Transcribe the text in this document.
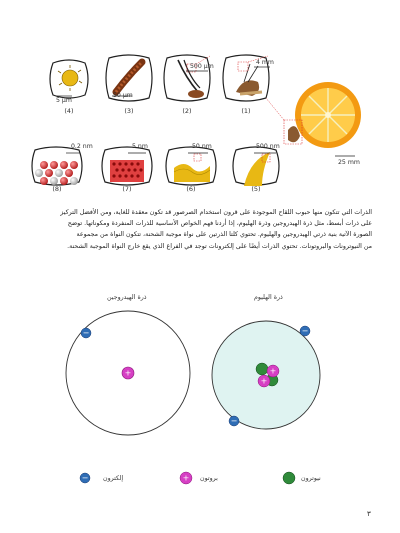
4 mm
500 μm
50 μm
5 μm
0.2 nm	5 nm	50 nm	500 nm
25 mm
(4)	(3)	(2)	(1)
(8)	(7)	(6)	(5)
الذرات التي تتكون منها حبوب اللقاح الموجودة على قرون استخدام الصرصور قد تكون معقدة للغاية، ومن الأفضل التركيز
على ذرات أبسط، مثل ذرة الهيدروجين وذرة الهليوم، إذا أردنا فهم الخواص الأساسية للذرات المنفردة ومكوناتها. توضح
الصورة الآتية بنية ذرتي الهيدروجين والهليوم. تحتوي كلتا الذرتين على نواة موجبة الشحنة، تتكون النواة من مجموعة
من النيوترونات والبروتونات. تحتوي الذرات أيضًا على إلكترونات توجد في الفراغ الذي يقع خارج النواة الموجبة الشحنة.
ذرة الهيدروجين	ذرة الهليوم
+
−
+
+
−
−
−	+
إلكترون	بروتون	نيوترون
٣
